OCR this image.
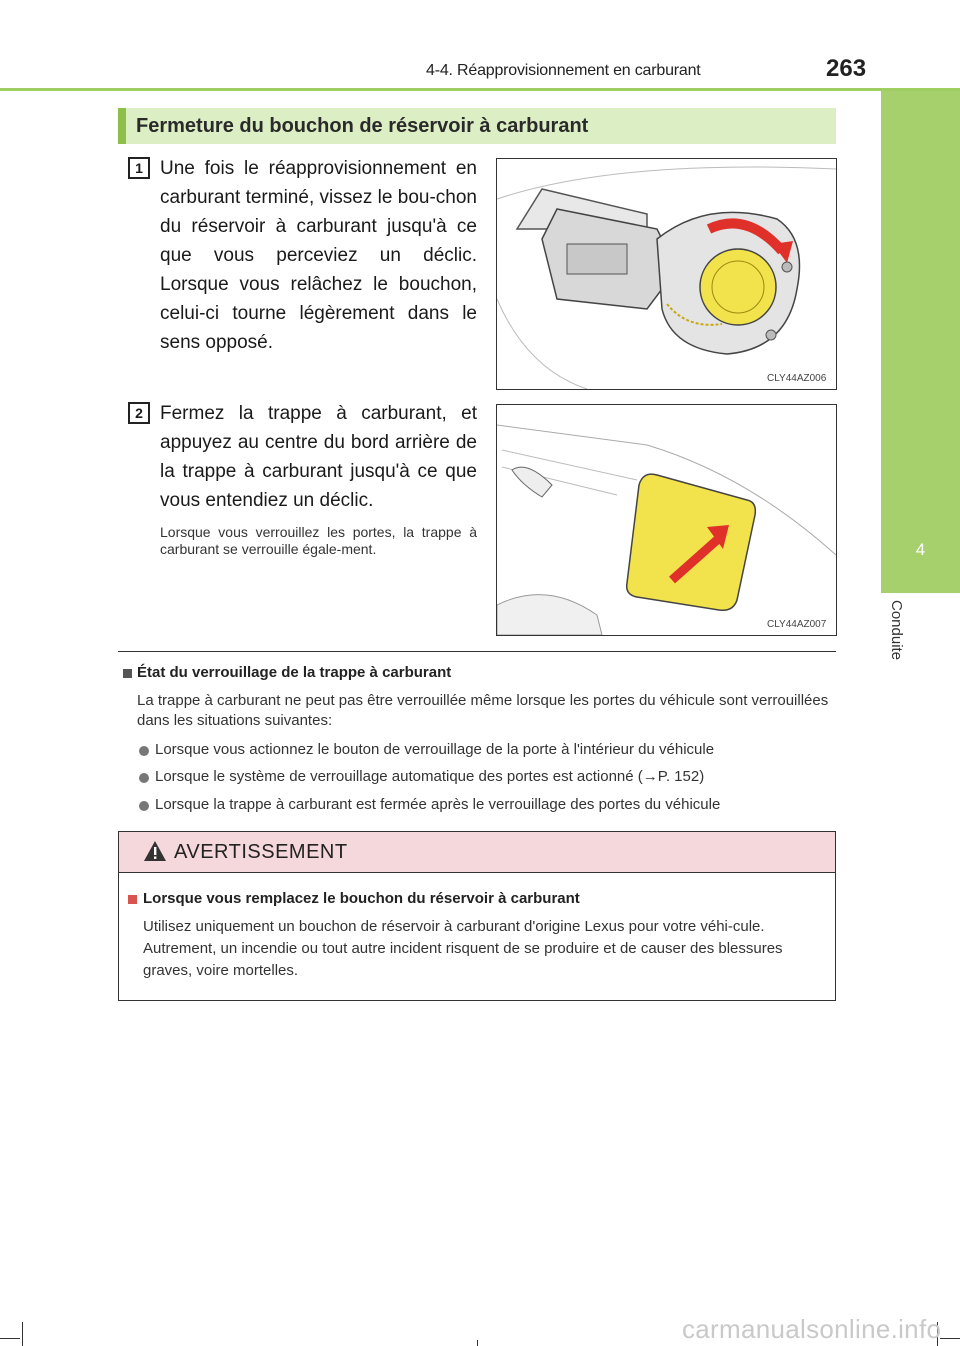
4-4. Réapprovisionnement en carburant	263
4
Conduite
Fermeture du bouchon de réservoir à carburant
1 Une fois le réapprovisionnement en carburant terminé, vissez le bou-chon du réservoir à carburant jusqu'à ce que vous perceviez un déclic. Lorsque vous relâchez le bouchon, celui-ci tourne légèrement dans le sens opposé.
CLY44AZ006
2 Fermez la trappe à carburant, et appuyez au centre du bord arrière de la trappe à carburant jusqu'à ce que vous entendiez un déclic.
Lorsque vous verrouillez les portes, la trappe à carburant se verrouille égale-ment.
CLY44AZ007
État du verrouillage de la trappe à carburant
La trappe à carburant ne peut pas être verrouillée même lorsque les portes du véhicule sont verrouillées dans les situations suivantes:
Lorsque vous actionnez le bouton de verrouillage de la porte à l'intérieur du véhicule
Lorsque le système de verrouillage automatique des portes est actionné (→P. 152)
Lorsque la trappe à carburant est fermée après le verrouillage des portes du véhicule
AVERTISSEMENT
Lorsque vous remplacez le bouchon du réservoir à carburant
Utilisez uniquement un bouchon de réservoir à carburant d'origine Lexus pour votre véhi-cule. Autrement, un incendie ou tout autre incident risquent de se produire et de causer des blessures graves, voire mortelles.
carmanualsonline.info
